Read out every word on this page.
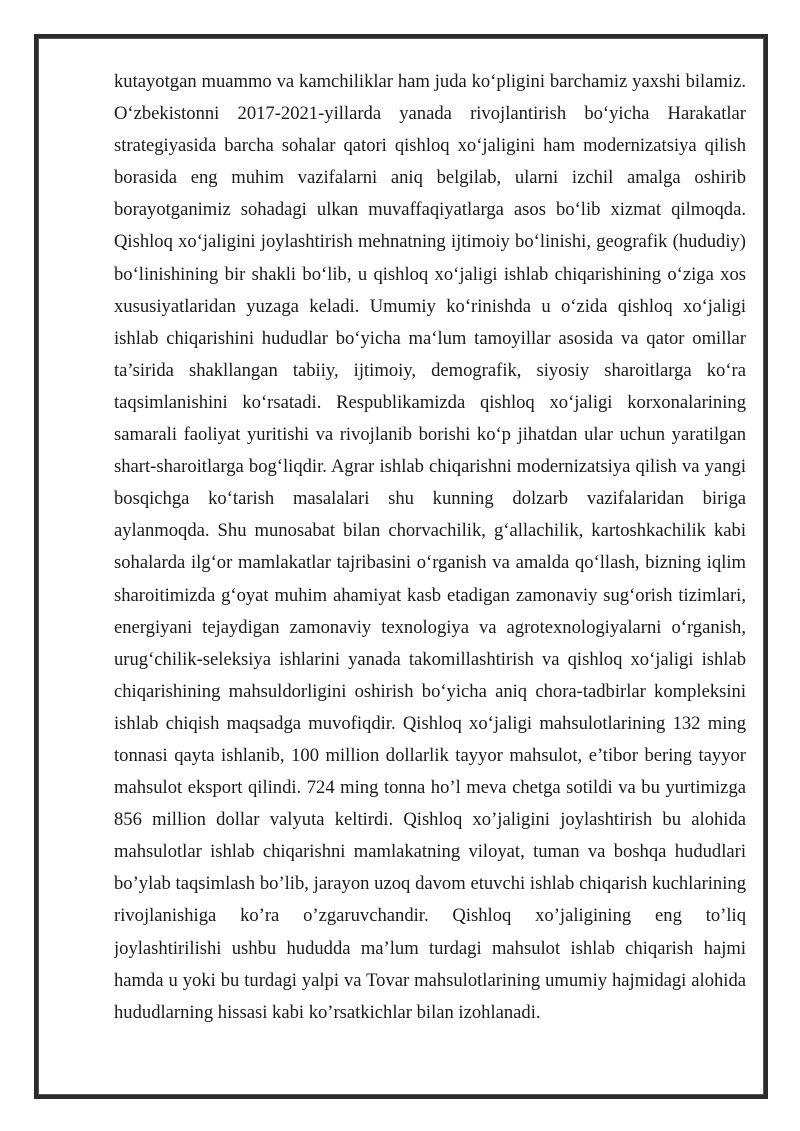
kutayotgan muammo va kamchiliklar ham juda ko‘pligini barchamiz yaxshi bilamiz.
O‘zbekistonni 2017-2021-yillarda yanada rivojlantirish bo‘yicha Harakatlar
strategiyasida barcha sohalar qatori qishloq xo‘jaligini ham modernizatsiya qilish
borasida eng muhim vazifalarni aniq belgilab, ularni izchil amalga oshirib
borayotganimiz sohadagi ulkan muvaffaqiyatlarga asos bo‘lib xizmat qilmoqda.
Qishloq xo‘jaligini joylashtirish mehnatning ijtimoiy bo‘linishi, geografik (hududiy)
bo‘linishining bir shakli bo‘lib, u qishloq xo‘jaligi ishlab chiqarishining o‘ziga xos
xususiyatlaridan yuzaga keladi. Umumiy ko‘rinishda u o‘zida qishloq xo‘jaligi
ishlab chiqarishini hududlar bo‘yicha ma‘lum tamoyillar asosida va qator omillar
ta’sirida shakllangan tabiiy, ijtimoiy, demografik, siyosiy sharoitlarga ko‘ra
taqsimlanishini ko‘rsatadi. Respublikamizda qishloq xo‘jaligi korxonalarining
samarali faoliyat yuritishi va rivojlanib borishi ko‘p jihatdan ular uchun yaratilgan
shart-sharoitlarga bog‘liqdir. Agrar ishlab chiqarishni modernizatsiya qilish va yangi
bosqichga ko‘tarish masalalari shu kunning dolzarb vazifalaridan biriga
aylanmoqda. Shu munosabat bilan chorvachilik, g‘allachilik, kartoshkachilik kabi
sohalarda ilg‘or mamlakatlar tajribasini o‘rganish va amalda qo‘llash, bizning iqlim
sharoitimizda g‘oyat muhim ahamiyat kasb etadigan zamonaviy sug‘orish tizimlari,
energiyani tejaydigan zamonaviy texnologiya va agrotexnologiyalarni o‘rganish,
urug‘chilik-seleksiya ishlarini yanada takomillashtirish va qishloq xo‘jaligi ishlab
chiqarishining mahsuldorligini oshirish bo‘yicha aniq chora-tadbirlar kompleksini
ishlab chiqish maqsadga muvofiqdir. Qishloq xo‘jaligi mahsulotlarining 132 ming
tonnasi qayta ishlanib, 100 million dollarlik tayyor mahsulot, e’tibor bering tayyor
mahsulot eksport qilindi. 724 ming tonna ho’l meva chetga sotildi va bu yurtimizga
856 million dollar valyuta keltirdi. Qishloq xo’jaligini joylashtirish bu alohida
mahsulotlar ishlab chiqarishni mamlakatning viloyat, tuman va boshqa hududlari
bo’ylab taqsimlash bo’lib, jarayon uzoq davom etuvchi ishlab chiqarish kuchlarining
rivojlanishiga ko’ra o’zgaruvchandir. Qishloq xo’jaligining eng to’liq
joylashtirilishi ushbu hududda ma’lum turdagi mahsulot ishlab chiqarish hajmi
hamda u yoki bu turdagi yalpi va Tovar mahsulotlarining umumiy hajmidagi alohida
hududlarning hissasi kabi ko’rsatkichlar bilan izohlanadi.
